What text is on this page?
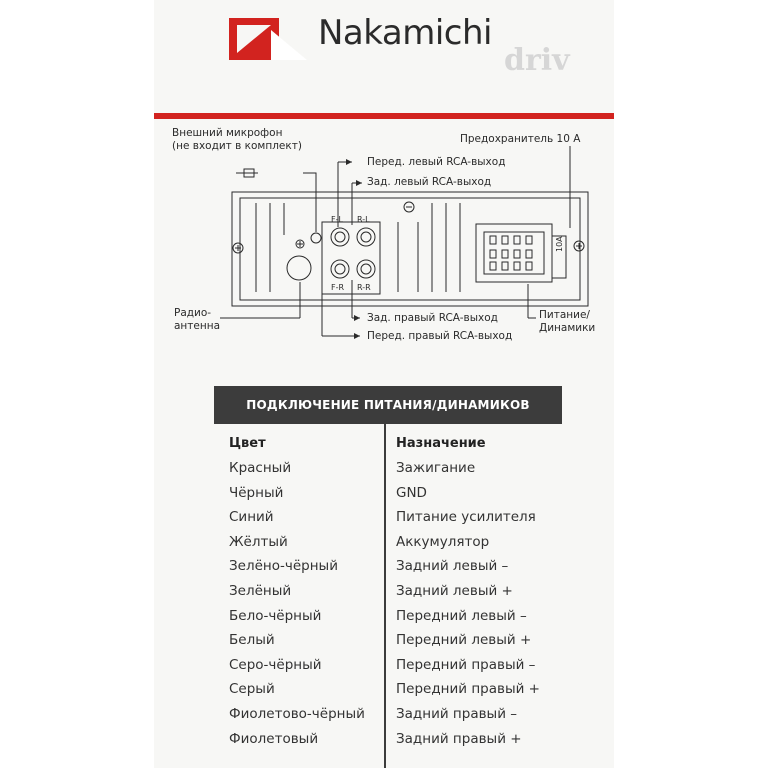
Nakamichi
driv
Внешний микрофон
(не входит в комплект)
Предохранитель 10 А
Перед. левый RCA-выход
Зад. левый RCA-выход
Зад. правый RCA-выход
Перед. правый RCA-выход
Радио-
антенна
Питание/
Динамики
F-L R-L
F-R R-R
10A
ПОДКЛЮЧЕНИЕ ПИТАНИЯ/ДИНАМИКОВ
Цвет	Назначение
Красный	Зажигание
Чёрный	GND
Синий	Питание усилителя
Жёлтый	Аккумулятор
Зелёно-чёрный	Задний левый –
Зелёный	Задний левый +
Бело-чёрный	Передний левый –
Белый	Передний левый +
Серо-чёрный	Передний правый –
Серый	Передний правый +
Фиолетово-чёрный Задний правый –
Фиолетовый	Задний правый +
